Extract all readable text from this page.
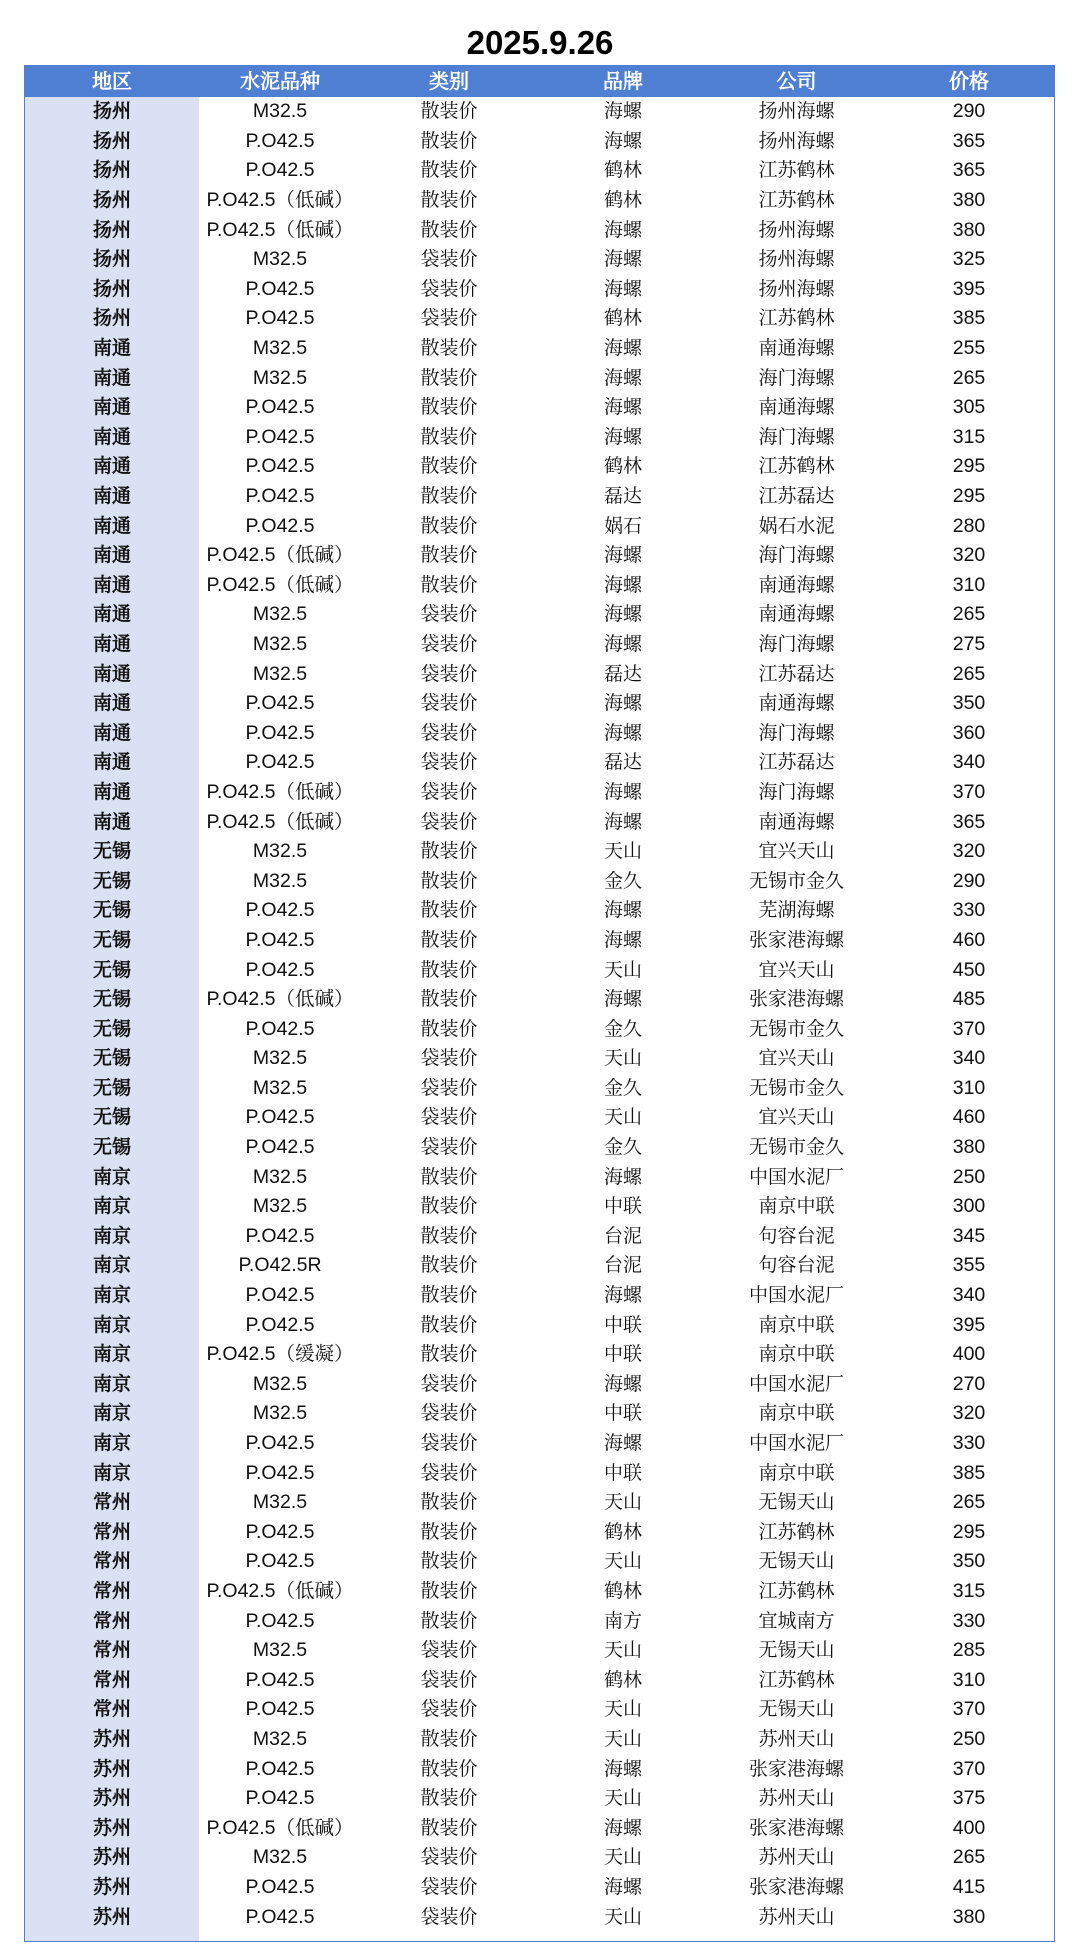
2025.9.26
地区	水泥品种	类别	品牌	公司	价格
扬州	M32.5	散装价	海螺	扬州海螺	290
扬州	P.O42.5	散装价	海螺	扬州海螺	365
扬州	P.O42.5	散装价	鹤林	江苏鹤林	365
扬州	P.O42.5（低碱）	散装价	鹤林	江苏鹤林	380
扬州	P.O42.5（低碱）	散装价	海螺	扬州海螺	380
扬州	M32.5	袋装价	海螺	扬州海螺	325
扬州	P.O42.5	袋装价	海螺	扬州海螺	395
扬州	P.O42.5	袋装价	鹤林	江苏鹤林	385
南通	M32.5	散装价	海螺	南通海螺	255
南通	M32.5	散装价	海螺	海门海螺	265
南通	P.O42.5	散装价	海螺	南通海螺	305
南通	P.O42.5	散装价	海螺	海门海螺	315
南通	P.O42.5	散装价	鹤林	江苏鹤林	295
南通	P.O42.5	散装价	磊达	江苏磊达	295
南通	P.O42.5	散装价	娲石	娲石水泥	280
南通	P.O42.5（低碱）	散装价	海螺	海门海螺	320
南通	P.O42.5（低碱）	散装价	海螺	南通海螺	310
南通	M32.5	袋装价	海螺	南通海螺	265
南通	M32.5	袋装价	海螺	海门海螺	275
南通	M32.5	袋装价	磊达	江苏磊达	265
南通	P.O42.5	袋装价	海螺	南通海螺	350
南通	P.O42.5	袋装价	海螺	海门海螺	360
南通	P.O42.5	袋装价	磊达	江苏磊达	340
南通	P.O42.5（低碱）	袋装价	海螺	海门海螺	370
南通	P.O42.5（低碱）	袋装价	海螺	南通海螺	365
无锡	M32.5	散装价	天山	宜兴天山	320
无锡	M32.5	散装价	金久	无锡市金久	290
无锡	P.O42.5	散装价	海螺	芜湖海螺	330
无锡	P.O42.5	散装价	海螺	张家港海螺	460
无锡	P.O42.5	散装价	天山	宜兴天山	450
无锡	P.O42.5（低碱）	散装价	海螺	张家港海螺	485
无锡	P.O42.5	散装价	金久	无锡市金久	370
无锡	M32.5	袋装价	天山	宜兴天山	340
无锡	M32.5	袋装价	金久	无锡市金久	310
无锡	P.O42.5	袋装价	天山	宜兴天山	460
无锡	P.O42.5	袋装价	金久	无锡市金久	380
南京	M32.5	散装价	海螺	中国水泥厂	250
南京	M32.5	散装价	中联	南京中联	300
南京	P.O42.5	散装价	台泥	句容台泥	345
南京	P.O42.5R	散装价	台泥	句容台泥	355
南京	P.O42.5	散装价	海螺	中国水泥厂	340
南京	P.O42.5	散装价	中联	南京中联	395
南京	P.O42.5（缓凝）	散装价	中联	南京中联	400
南京	M32.5	袋装价	海螺	中国水泥厂	270
南京	M32.5	袋装价	中联	南京中联	320
南京	P.O42.5	袋装价	海螺	中国水泥厂	330
南京	P.O42.5	袋装价	中联	南京中联	385
常州	M32.5	散装价	天山	无锡天山	265
常州	P.O42.5	散装价	鹤林	江苏鹤林	295
常州	P.O42.5	散装价	天山	无锡天山	350
常州	P.O42.5（低碱）	散装价	鹤林	江苏鹤林	315
常州	P.O42.5	散装价	南方	宜城南方	330
常州	M32.5	袋装价	天山	无锡天山	285
常州	P.O42.5	袋装价	鹤林	江苏鹤林	310
常州	P.O42.5	袋装价	天山	无锡天山	370
苏州	M32.5	散装价	天山	苏州天山	250
苏州	P.O42.5	散装价	海螺	张家港海螺	370
苏州	P.O42.5	散装价	天山	苏州天山	375
苏州	P.O42.5（低碱）	散装价	海螺	张家港海螺	400
苏州	M32.5	袋装价	天山	苏州天山	265
苏州	P.O42.5	袋装价	海螺	张家港海螺	415
苏州	P.O42.5	袋装价	天山	苏州天山	380
